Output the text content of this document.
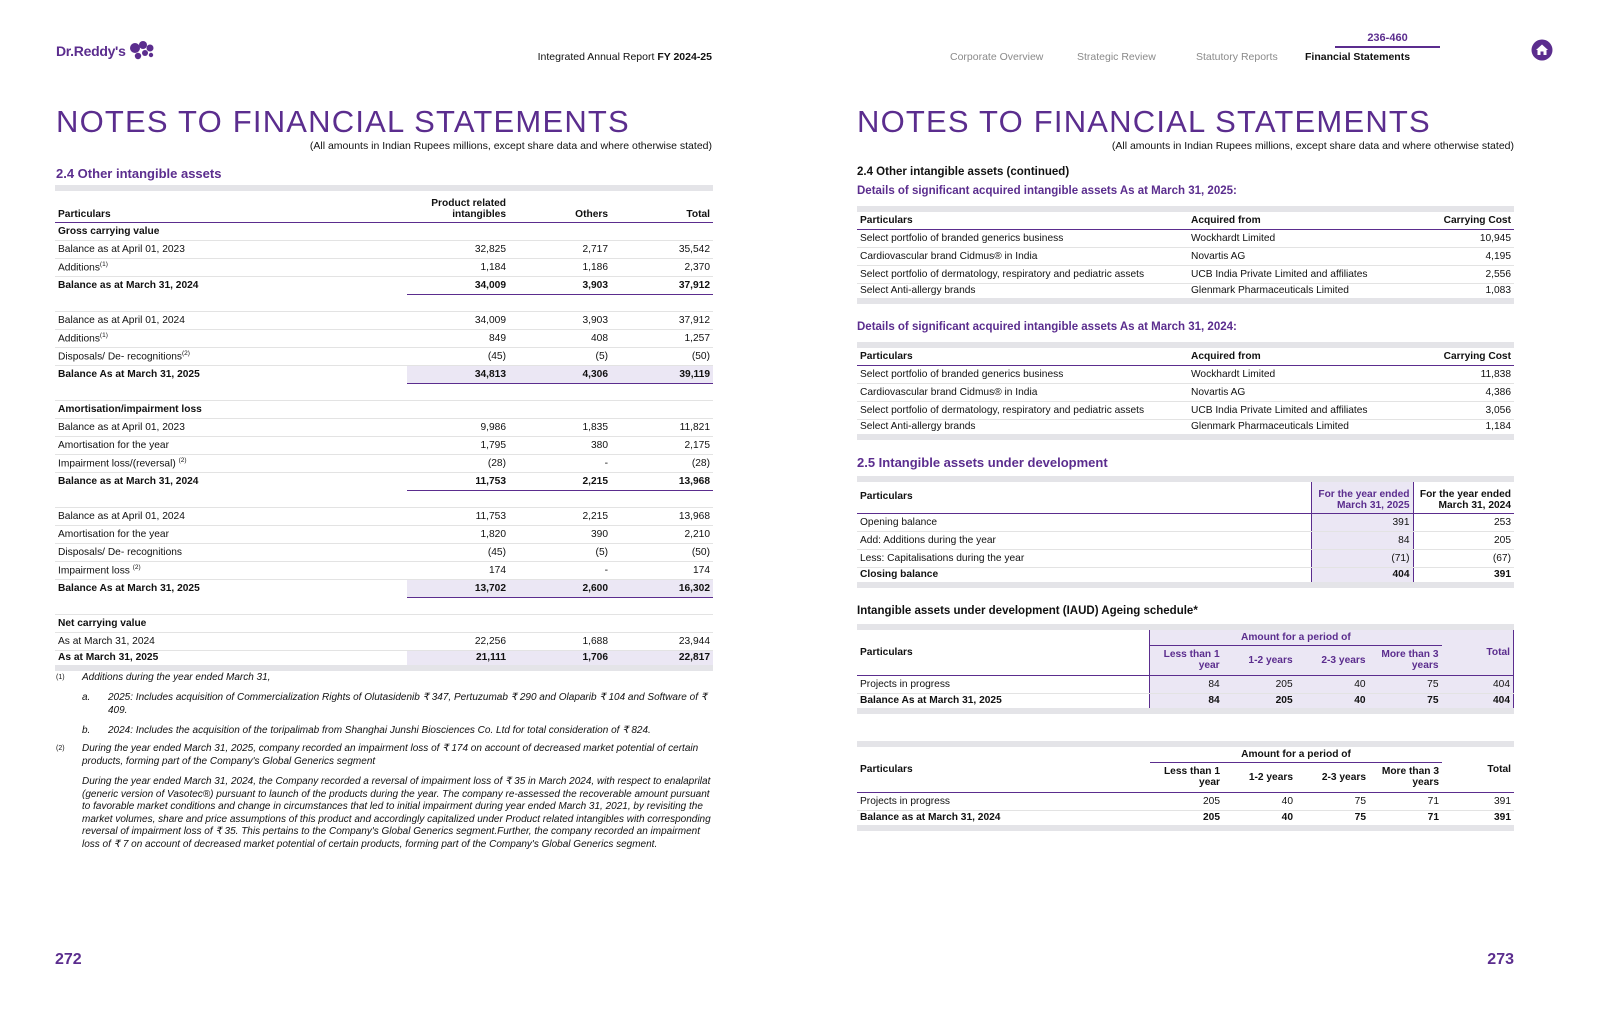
Dr.Reddy's	Integrated Annual Report FY 2024-25
NOTES TO FINANCIAL STATEMENTS
(All amounts in Indian Rupees millions, except share data and where otherwise stated)
2.4 Other intangible assets
Particulars	Product related intangibles	Others	Total
Gross carrying value			
Balance as at April 01, 2023	32,825	2,717	35,542
Additions$^{(1)}$	1,184	1,186	2,370
Balance as at March 31, 2024	34,009	3,903	37,912

Balance as at April 01, 2024	34,009	3,903	37,912
Additions$^{(1)}$	849	408	1,257
Disposals/ De- recognitions$^{(2)}$	(45)	(5)	(50)
Balance As at March 31, 2025	34,813	4,306	39,119

Amortisation/impairment loss			
Balance as at April 01, 2023	9,986	1,835	11,821
Amortisation for the year	1,795	380	2,175
Impairment loss/(reversal) $^{(2)}$	(28)	-	(28)
Balance as at March 31, 2024	11,753	2,215	13,968

Balance as at April 01, 2024	11,753	2,215	13,968
Amortisation for the year	1,820	390	2,210
Disposals/ De- recognitions	(45)	(5)	(50)
Impairment loss $^{(2)}$	174	-	174
Balance As at March 31, 2025	13,702	2,600	16,302

Net carrying value			
As at March 31, 2024	22,256	1,688	23,944
As at March 31, 2025	21,111	1,706	22,817
(1) Additions during the year ended March 31,
a.	2025: Includes acquisition of Commercialization Rights of Olutasidenib ₹ 347, Pertuzumab ₹ 290 and Olaparib ₹ 104 and Software of ₹ 409.
b.	2024: Includes the acquisition of the toripalimab from Shanghai Junshi Biosciences Co. Ltd for total consideration of ₹ 824.
(2) During the year ended March 31, 2025, company recorded an impairment loss of ₹ 174 on account of decreased market potential of certain products, forming part of the Company's Global Generics segment
During the year ended March 31, 2024, the Company recorded a reversal of impairment loss of ₹ 35 in March 2024, with respect to enalaprilat (generic version of Vasotec®) pursuant to launch of the products during the year. The company re-assessed the recoverable amount pursuant to favorable market conditions and change in circumstances that led to initial impairment during year ended March 31, 2021, by revisiting the market volumes, share and price assumptions of this product and accordingly capitalized under Product related intangibles with corresponding reversal of impairment loss of ₹ 35. This pertains to the Company's Global Generics segment.Further, the company recorded an impairment loss of ₹ 7 on account of decreased market potential of certain products, forming part of the Company's Global Generics segment.
272
Corporate Overview	Strategic Review	Statutory Reports
236-460
Financial Statements
NOTES TO FINANCIAL STATEMENTS
(All amounts in Indian Rupees millions, except share data and where otherwise stated)
2.4 Other intangible assets (continued)
Details of significant acquired intangible assets As at March 31, 2025:
Particulars	Acquired from	Carrying Cost
Select portfolio of branded generics business	Wockhardt Limited	10,945
Cardiovascular brand Cidmus® in India	Novartis AG	4,195
Select portfolio of dermatology, respiratory and pediatric assets	UCB India Private Limited and affiliates	2,556
Select Anti-allergy brands	Glenmark Pharmaceuticals Limited	1,083
Details of significant acquired intangible assets As at March 31, 2024:
Particulars	Acquired from	Carrying Cost
Select portfolio of branded generics business	Wockhardt Limited	11,838
Cardiovascular brand Cidmus® in India	Novartis AG	4,386
Select portfolio of dermatology, respiratory and pediatric assets	UCB India Private Limited and affiliates	3,056
Select Anti-allergy brands	Glenmark Pharmaceuticals Limited	1,184
2.5 Intangible assets under development
Particulars	For the year ended March 31, 2025	For the year ended March 31, 2024
Opening balance	391	253
Add: Additions during the year	84	205
Less: Capitalisations during the year	(71)	(67)
Closing balance	404	391
Intangible assets under development (IAUD) Ageing schedule*
Particulars	Amount for a period of				Total
	Less than 1 year	1-2 years	2-3 years	More than 3 years	
Projects in progress	84	205	40	75	404
Balance As at March 31, 2025	84	205	40	75	404
Particulars	Amount for a period of				Total
	Less than 1 year	1-2 years	2-3 years	More than 3 years	
Projects in progress	205	40	75	71	391
Balance as at March 31, 2024	205	40	75	71	391
273
